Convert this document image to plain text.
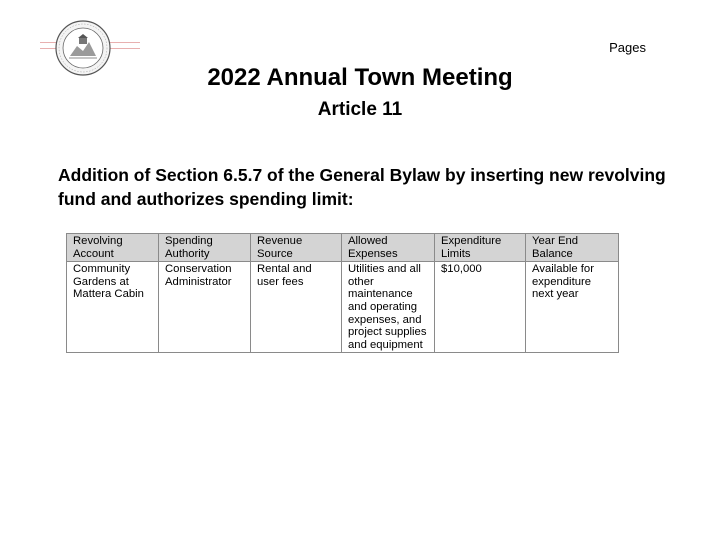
Pages
2022 Annual Town Meeting
Article 11
Addition of Section 6.5.7 of the General Bylaw by inserting new revolving fund and authorizes spending limit:
Revolving Account	Spending Authority	Revenue Source	Allowed Expenses	Expenditure Limits	Year End Balance
Community Gardens at Mattera Cabin	Conservation Administrator	Rental and user fees	Utilities and all other maintenance and operating expenses, and project supplies and equipment	$10,000	Available for expenditure next year
